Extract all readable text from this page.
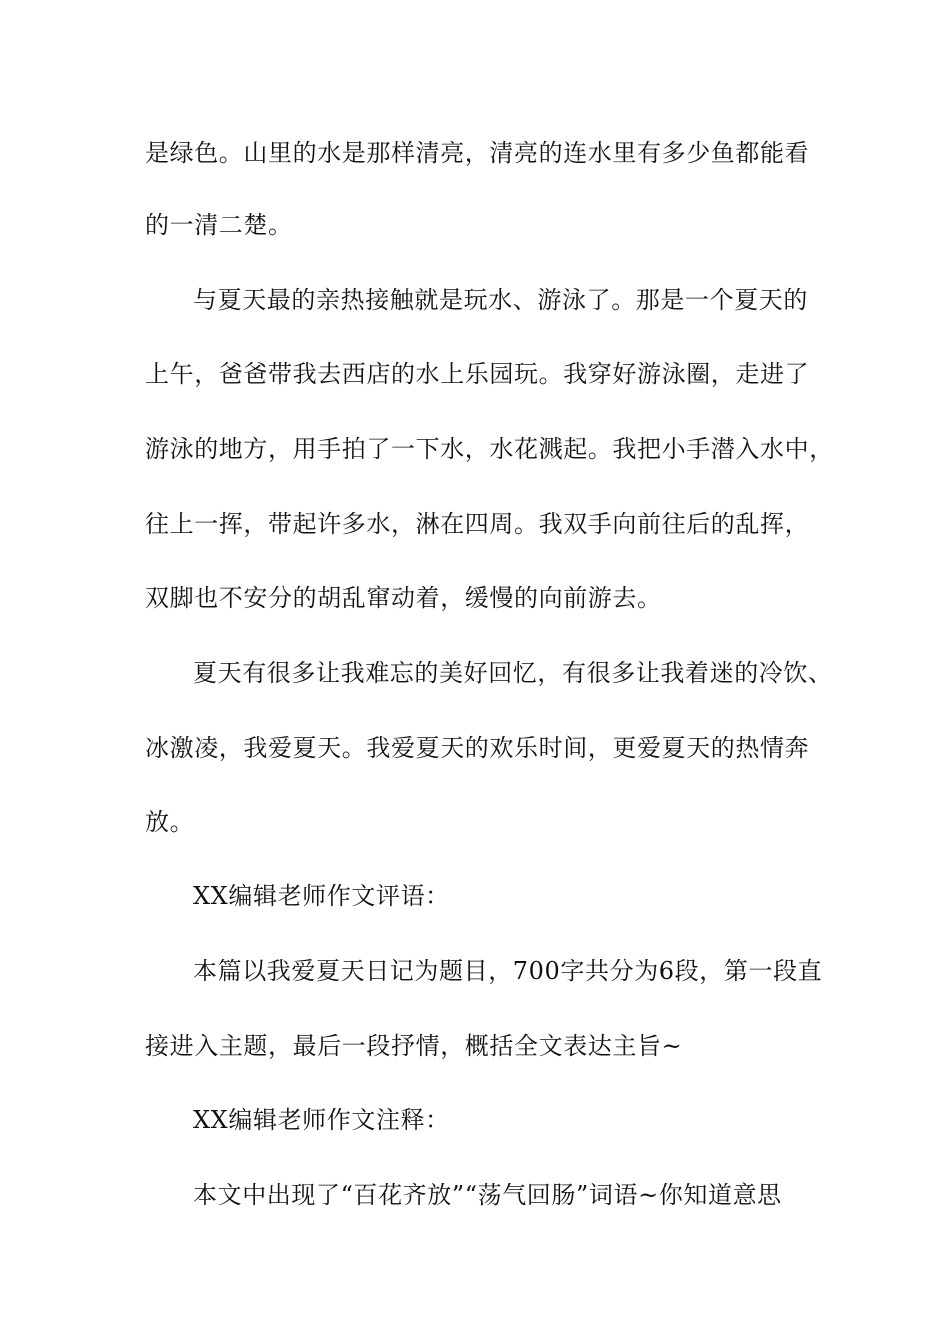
是绿色。山里的水是那样清亮，清亮的连水里有多少鱼都能看
的一清二楚。
与夏天最的亲热接触就是玩水、游泳了。那是一个夏天的
上午，爸爸带我去西店的水上乐园玩。我穿好游泳圈，走进了
游泳的地方，用手拍了一下水，水花溅起。我把小手潜入水中，
往上一挥，带起许多水，淋在四周。我双手向前往后的乱挥，
双脚也不安分的胡乱窜动着，缓慢的向前游去。
夏天有很多让我难忘的美好回忆，有很多让我着迷的冷饮、
冰激凌，我爱夏天。我爱夏天的欢乐时间，更爱夏天的热情奔
放。
XX编辑老师作文评语：
本篇以我爱夏天日记为题目，700字共分为6段，第一段直
接进入主题，最后一段抒情，概括全文表达主旨~
XX编辑老师作文注释：
本文中出现了“百花齐放”“荡气回肠”词语~你知道意思
